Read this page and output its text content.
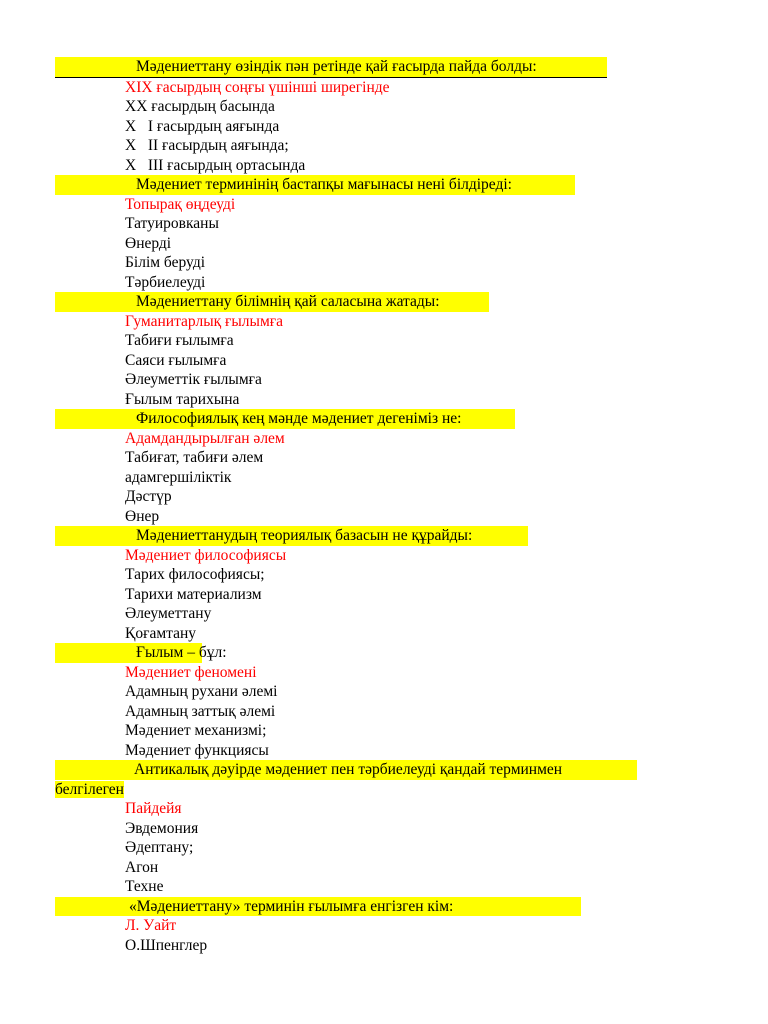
Мәдениеттану өзіндік пән ретінде қай ғасырда пайда болды:
XIX ғасырдың соңғы үшінші ширегінде
XX ғасырдың басында
X   I ғасырдың аяғында
X   II ғасырдың аяғында;
X   III ғасырдың ортасында
Мәдениет терминінің бастапқы мағынасы нені білдіреді:
Топырақ өңдеуді
Татуировканы
Өнерді
Білім беруді
Тәрбиелеуді
Мәдениеттану білімнің қай саласына жатады:
Гуманитарлық ғылымға
Табиғи ғылымға
Саяси ғылымға
Әлеуметтік ғылымға
Ғылым тарихына
Философиялық кең мәнде мәдениет дегеніміз не:
Адамдандырылған әлем
Табиғат, табиғи әлем
адамгершіліктік
Дәстүр
Өнер
Мәдениеттанудың теориялық базасын не құрайды:
Мәдениет философиясы
Тарих философиясы;
Тарихи материализм
Әлеуметтану
Қоғамтану
Ғылым – бұл:
Мәдениет феномені
Адамның рухани әлемі
Адамның заттық әлемі
Мәдениет механизмі;
Мәдениет функциясы
Антикалық дәуірде мәдениет пен тәрбиелеуді қандай терминмен
белгілеген
Пайдейя
Эвдемония
Әдептану;
Агон
Техне
«Мәдениеттану» терминін ғылымға енгізген кім:
Л. Уайт
О.Шпенглер
